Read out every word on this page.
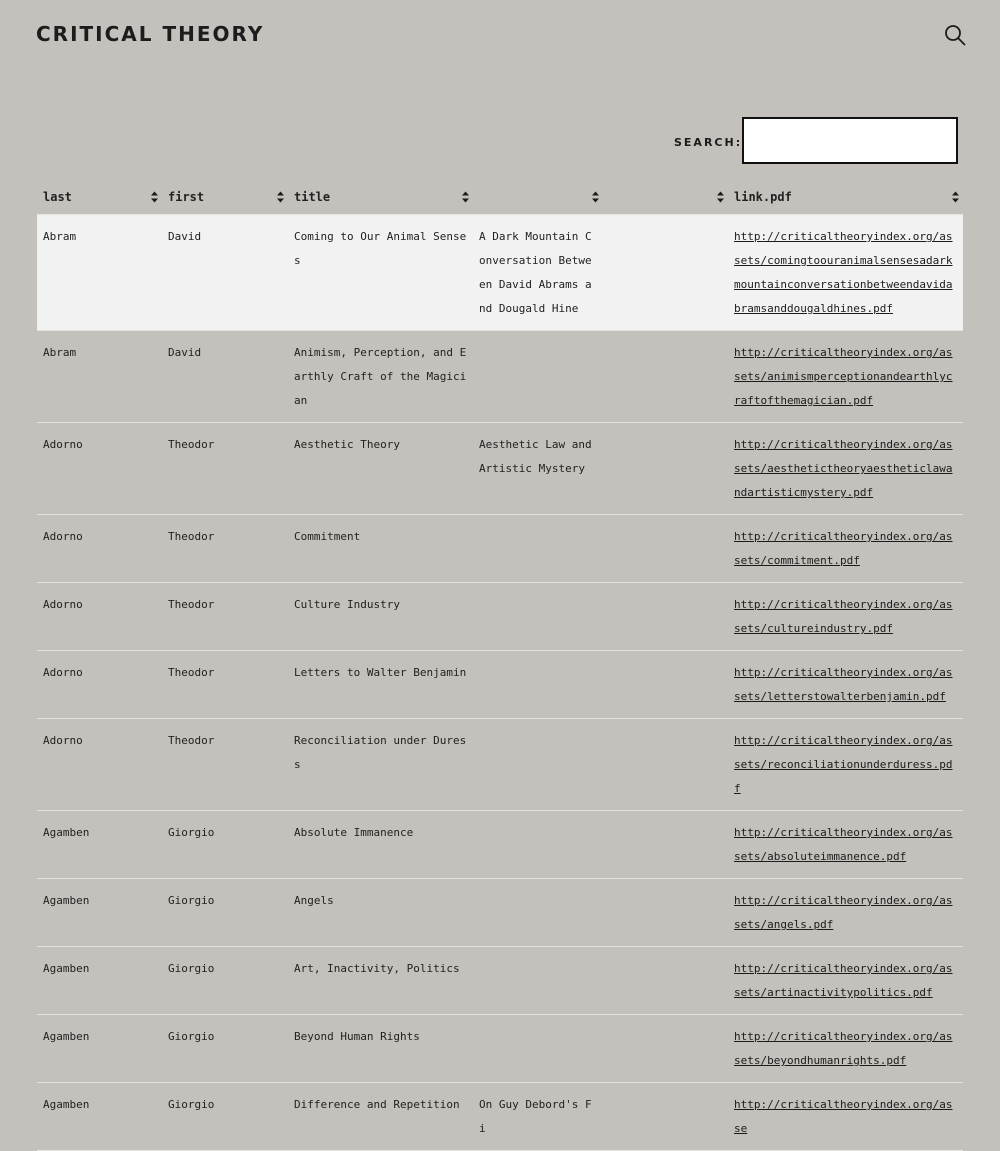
CRITICAL THEORY
SEARCH:
last	first	title			link.pdf

Abram	David	Coming to Our Animal Senses	A Dark Mountain Conversation Between David Abrams and Dougald Hine		http://criticaltheoryindex.org/assets/comingtoouranimalsensesadarkmountainconversationbetweendavidabramsanddougaldhines.pdf
Abram	David	Animism, Perception, and Earthly Craft of the Magician			http://criticaltheoryindex.org/assets/animismperceptionandearthlycraftofthemagician.pdf
Adorno	Theodor	Aesthetic Theory	Aesthetic Law and Artistic Mystery		http://criticaltheoryindex.org/assets/aesthetictheoryaestheticlawandartisticmystery.pdf
Adorno	Theodor	Commitment			http://criticaltheoryindex.org/assets/commitment.pdf
Adorno	Theodor	Culture Industry			http://criticaltheoryindex.org/assets/cultureindustry.pdf
Adorno	Theodor	Letters to Walter Benjamin			http://criticaltheoryindex.org/assets/letterstowalterbenjamin.pdf
Adorno	Theodor	Reconciliation under Duress			http://criticaltheoryindex.org/assets/reconciliationunderduress.pdf
Agamben	Giorgio	Absolute Immanence			http://criticaltheoryindex.org/assets/absoluteimmanence.pdf
Agamben	Giorgio	Angels			http://criticaltheoryindex.org/assets/angels.pdf
Agamben	Giorgio	Art, Inactivity, Politics			http://criticaltheoryindex.org/assets/artinactivitypolitics.pdf
Agamben	Giorgio	Beyond Human Rights			http://criticaltheoryindex.org/assets/beyondhumanrights.pdf
Agamben	Giorgio	Difference and Repetition	On Guy Debord's Fi		http://criticaltheoryindex.org/asse
